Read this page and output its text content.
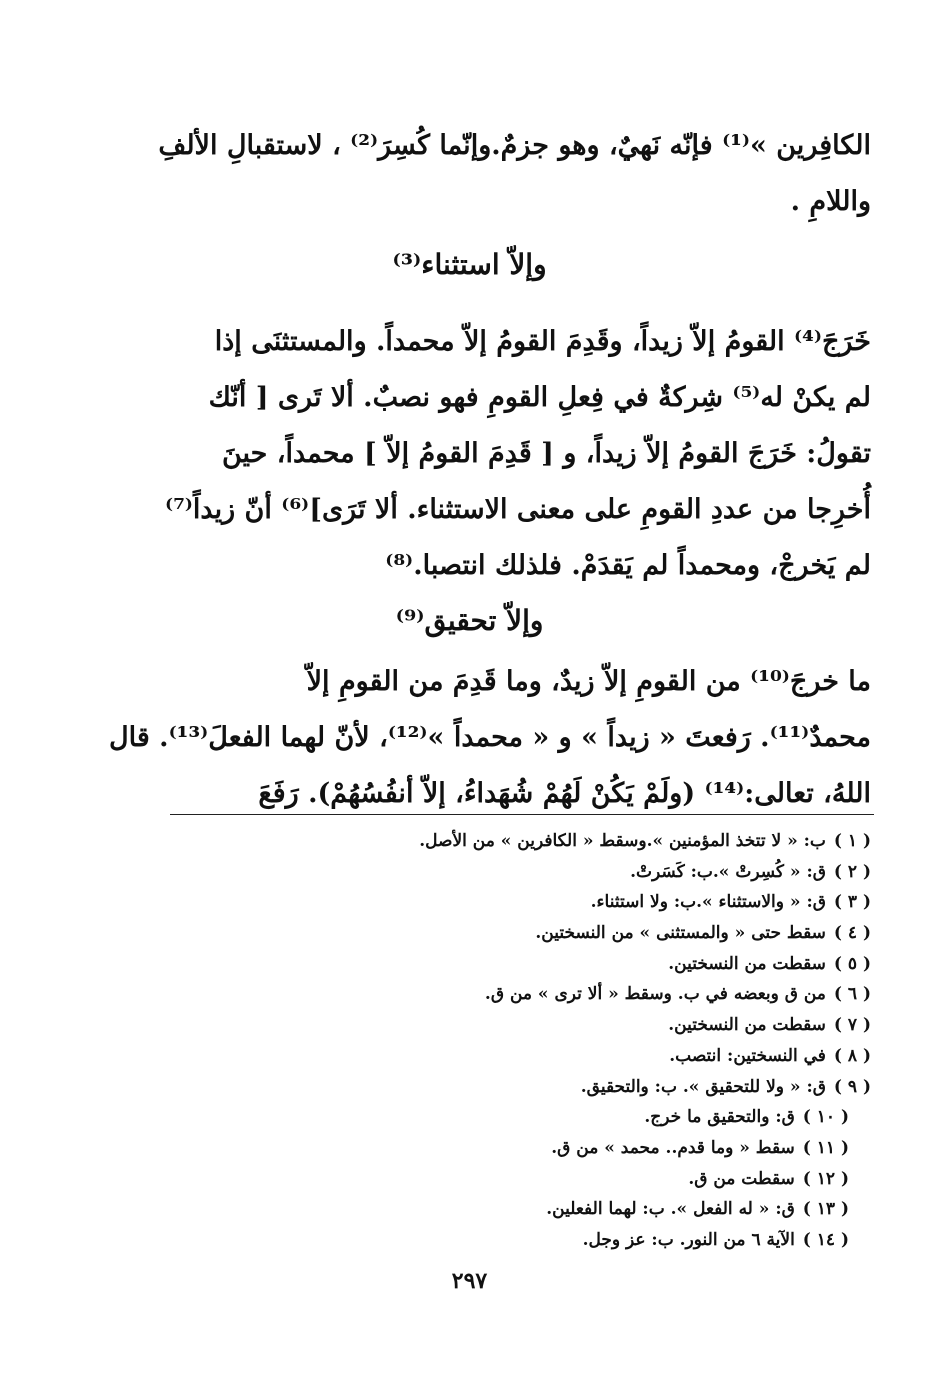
الكافِرين »⁽¹⁾ فإنّه نَهيٌ، وهو جزمٌ.وإنّما كُسِرَ⁽²⁾ ، لاستقبالِ الألفِ
واللامِ .
وإلاّ استثناء⁽³⁾
خَرَجَ⁽⁴⁾ القومُ إلاّ زيداً، وقَدِمَ القومُ إلاّ محمداً. والمستثنَى إذا
لم يكنْ له⁽⁵⁾ شِركةٌ في فِعلِ القومِ فهو نصبٌ. ألا تَرى [ أنّك
تقولُ: خَرَجَ القومُ إلاّ زيداً، و [ قَدِمَ القومُ إلاّ ] محمداً، حينَ
أُخرِجا من عددِ القومِ على معنى الاستثناء. ألا تَرَى]⁽⁶⁾ أنّ زيداً⁽⁷⁾
لم يَخرجْ، ومحمداً لم يَقدَمْ. فلذلك انتصبا.⁽⁸⁾
وإلاّ تحقيق⁽⁹⁾
ما خرجَ⁽¹⁰⁾ من القومِ إلاّ زيدٌ، وما قَدِمَ من القومِ إلاّ
محمدٌ⁽¹¹⁾. رَفعتَ « زيداً » و « محمداً »⁽¹²⁾، لأنّ لهما الفعلَ⁽¹³⁾. قال
اللهُ، تعالى:⁽¹⁴⁾ (ولَمْ يَكُنْ لَهُمْ شُهَداءُ، إلاّ أنفُسُهُمْ). رَفَعَ
( ١ )ب: « لا تتخذ المؤمنين ».وسقط « الكافرين » من الأصل.
( ٢ )ق: « كُسِرتْ ».ب: كَسَرتْ.
( ٣ )ق: « والاستثناء ».ب: ولا استثناء.
( ٤ )سقط حتى « والمستثنى » من النسختين.
( ٥ )سقطت من النسختين.
( ٦ )من ق وبعضه في ب. وسقط « ألا ترى » من ق.
( ٧ )سقطت من النسختين.
( ٨ )في النسختين: انتصب.
( ٩ )ق: « ولا للتحقيق ». ب: والتحقيق.
( ١٠ )ق: والتحقيق ما خرج.
( ١١ )سقط « وما قدم.. محمد » من ق.
( ١٢ )سقطت من ق.
( ١٣ )ق: « له الفعل ». ب: لهما الفعلين.
( ١٤ )الآية ٦ من النور. ب: عز وجل.
٢٩٧
